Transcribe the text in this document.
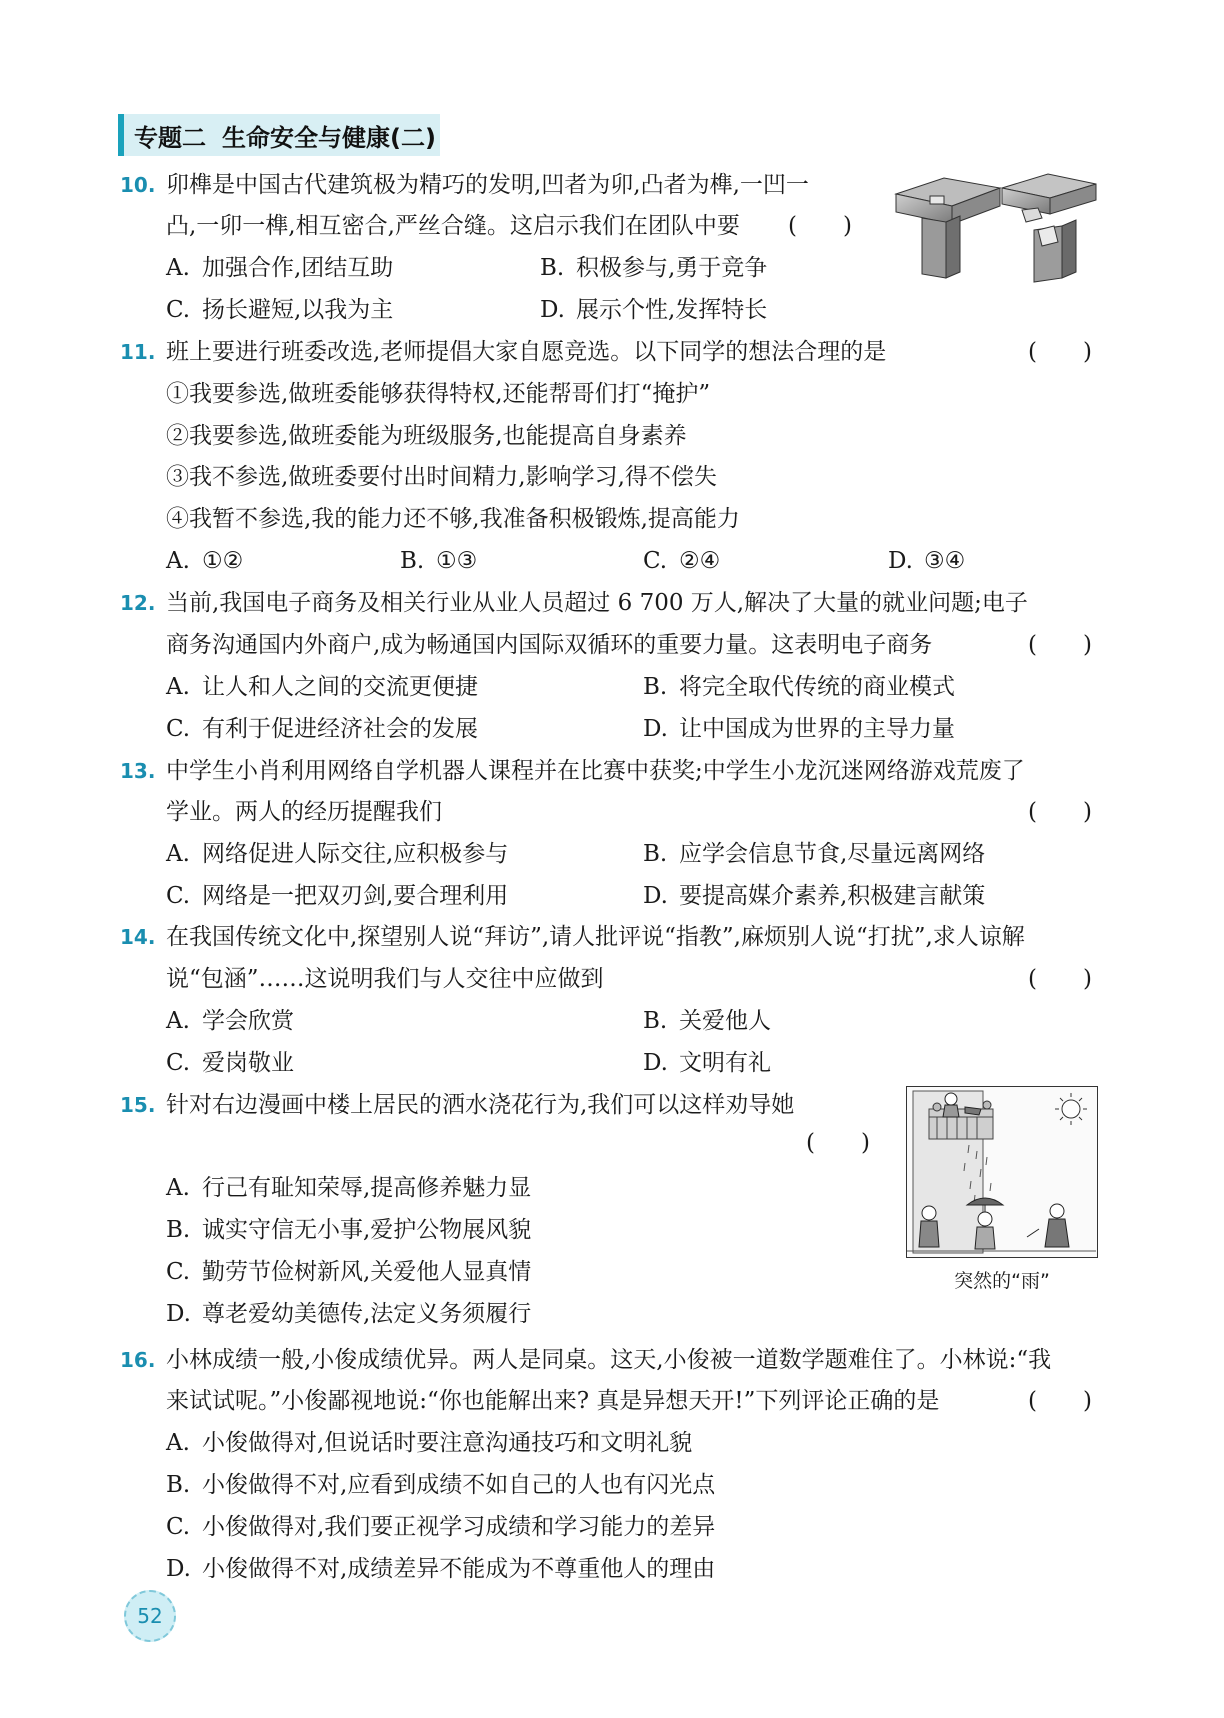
专题二 生命安全与健康(二)
10. 卯榫是中国古代建筑极为精巧的发明,凹者为卯,凸者为榫,一凹一
凸,一卯一榫,相互密合,严丝合缝。这启示我们在团队中要 (　　)
A. 加强合作,团结互助	B. 积极参与,勇于竞争
C. 扬长避短,以我为主	D. 展示个性,发挥特长
11. 班上要进行班委改选,老师提倡大家自愿竞选。以下同学的想法合理的是	(　　)
①我要参选,做班委能够获得特权,还能帮哥们打“掩护”
②我要参选,做班委能为班级服务,也能提高自身素养
③我不参选,做班委要付出时间精力,影响学习,得不偿失
④我暂不参选,我的能力还不够,我准备积极锻炼,提高能力
A. ①②	B. ①③	C. ②④	D. ③④
12. 当前,我国电子商务及相关行业从业人员超过 6 700 万人,解决了大量的就业问题;电子
商务沟通国内外商户,成为畅通国内国际双循环的重要力量。这表明电子商务	(　　)
A. 让人和人之间的交流更便捷	B. 将完全取代传统的商业模式
C. 有利于促进经济社会的发展	D. 让中国成为世界的主导力量
13. 中学生小肖利用网络自学机器人课程并在比赛中获奖;中学生小龙沉迷网络游戏荒废了
学业。两人的经历提醒我们	(　　)
A. 网络促进人际交往,应积极参与	B. 应学会信息节食,尽量远离网络
C. 网络是一把双刃剑,要合理利用	D. 要提高媒介素养,积极建言献策
14. 在我国传统文化中,探望别人说“拜访”,请人批评说“指教”,麻烦别人说“打扰”,求人谅解
说“包涵”……这说明我们与人交往中应做到	(　　)
A. 学会欣赏	B. 关爱他人
C. 爱岗敬业	D. 文明有礼
15. 针对右边漫画中楼上居民的洒水浇花行为,我们可以这样劝导她
(　　)
A. 行己有耻知荣辱,提高修养魅力显
B. 诚实守信无小事,爱护公物展风貌
C. 勤劳节俭树新风,关爱他人显真情
D. 尊老爱幼美德传,法定义务须履行
突然的“雨”
16. 小林成绩一般,小俊成绩优异。两人是同桌。这天,小俊被一道数学题难住了。小林说:“我
来试试呢。”小俊鄙视地说:“你也能解出来? 真是异想天开!”下列评论正确的是	(　　)
A. 小俊做得对,但说话时要注意沟通技巧和文明礼貌
B. 小俊做得不对,应看到成绩不如自己的人也有闪光点
C. 小俊做得对,我们要正视学习成绩和学习能力的差异
D. 小俊做得不对,成绩差异不能成为不尊重他人的理由
52
